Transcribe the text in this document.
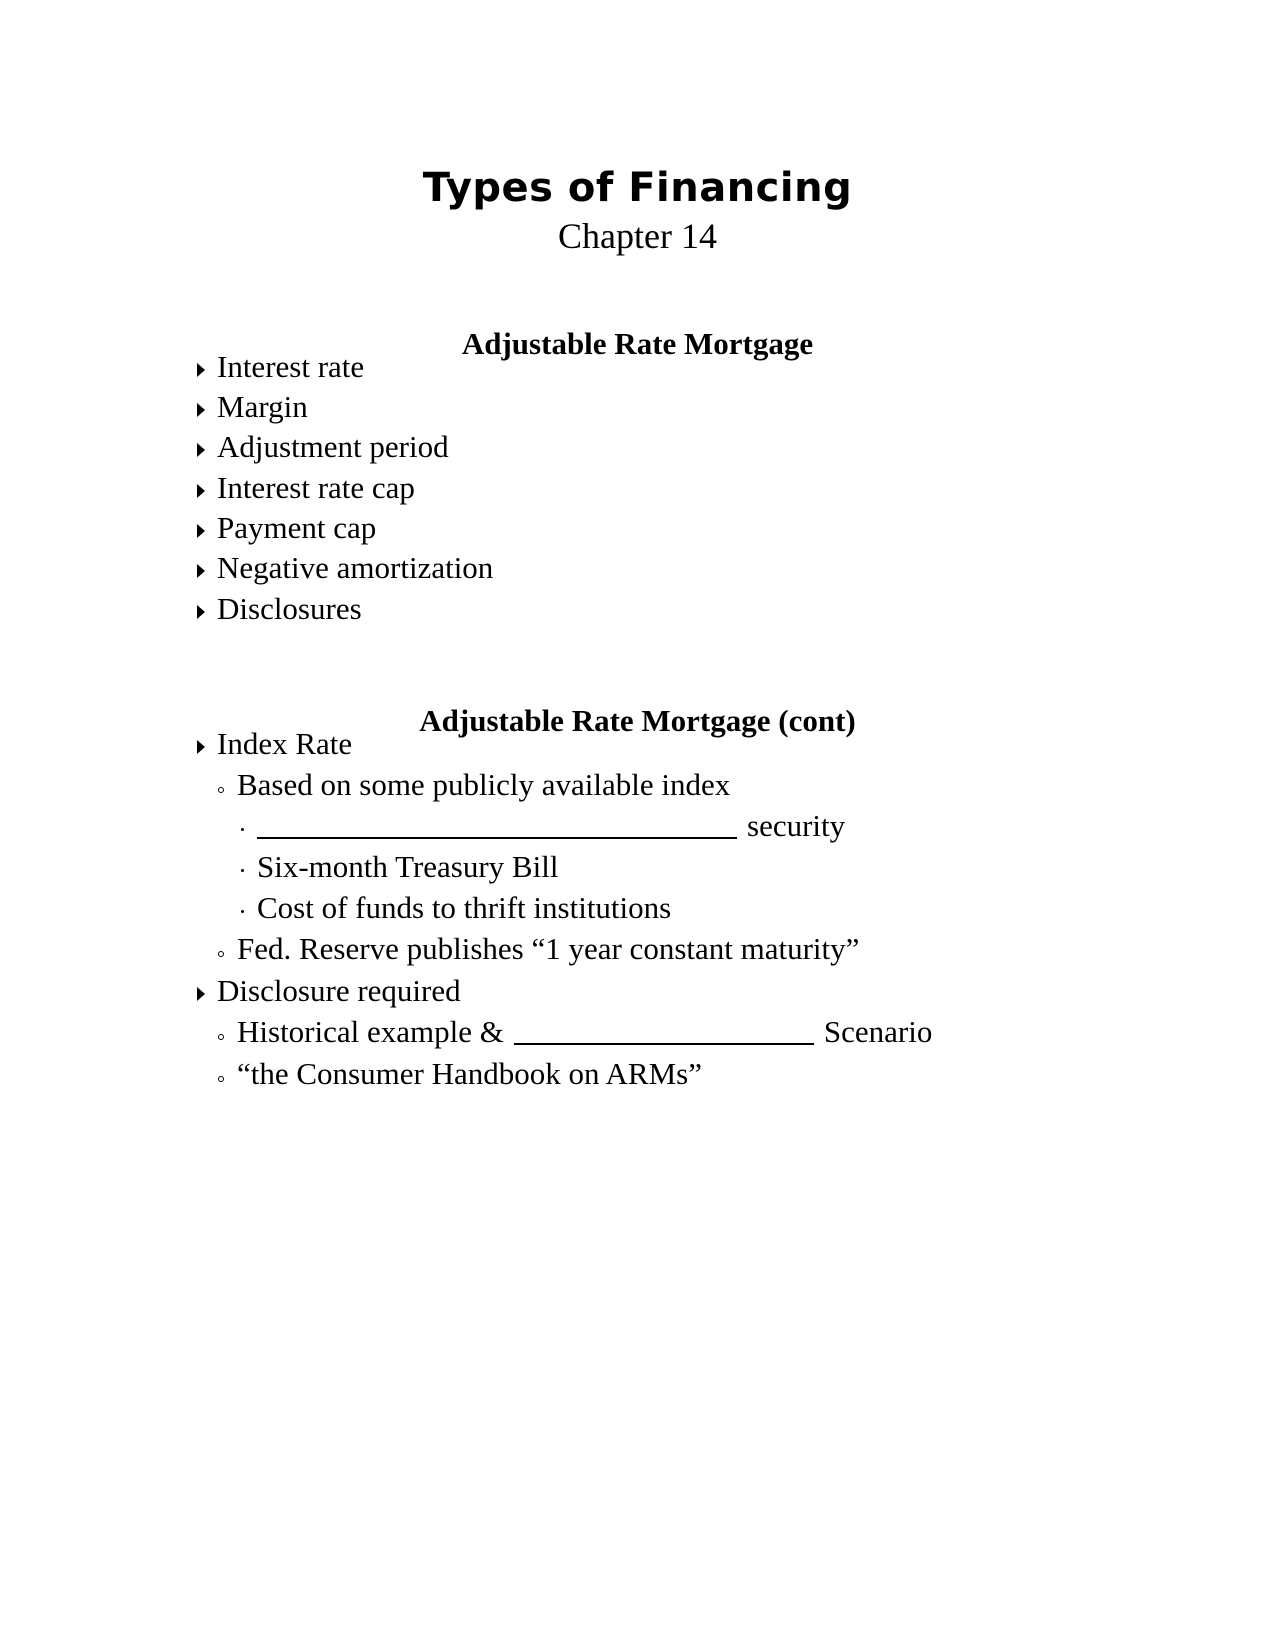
Types of Financing
Chapter 14
Adjustable Rate Mortgage
Interest rate
Margin
Adjustment period
Interest rate cap
Payment cap
Negative amortization
Disclosures
Adjustable Rate Mortgage (cont)
Index Rate
Based on some publicly available index
security
Six-month Treasury Bill
Cost of funds to thrift institutions
Fed. Reserve publishes “1 year constant maturity”
Disclosure required
Historical example &	Scenario
“the Consumer Handbook on ARMs”
